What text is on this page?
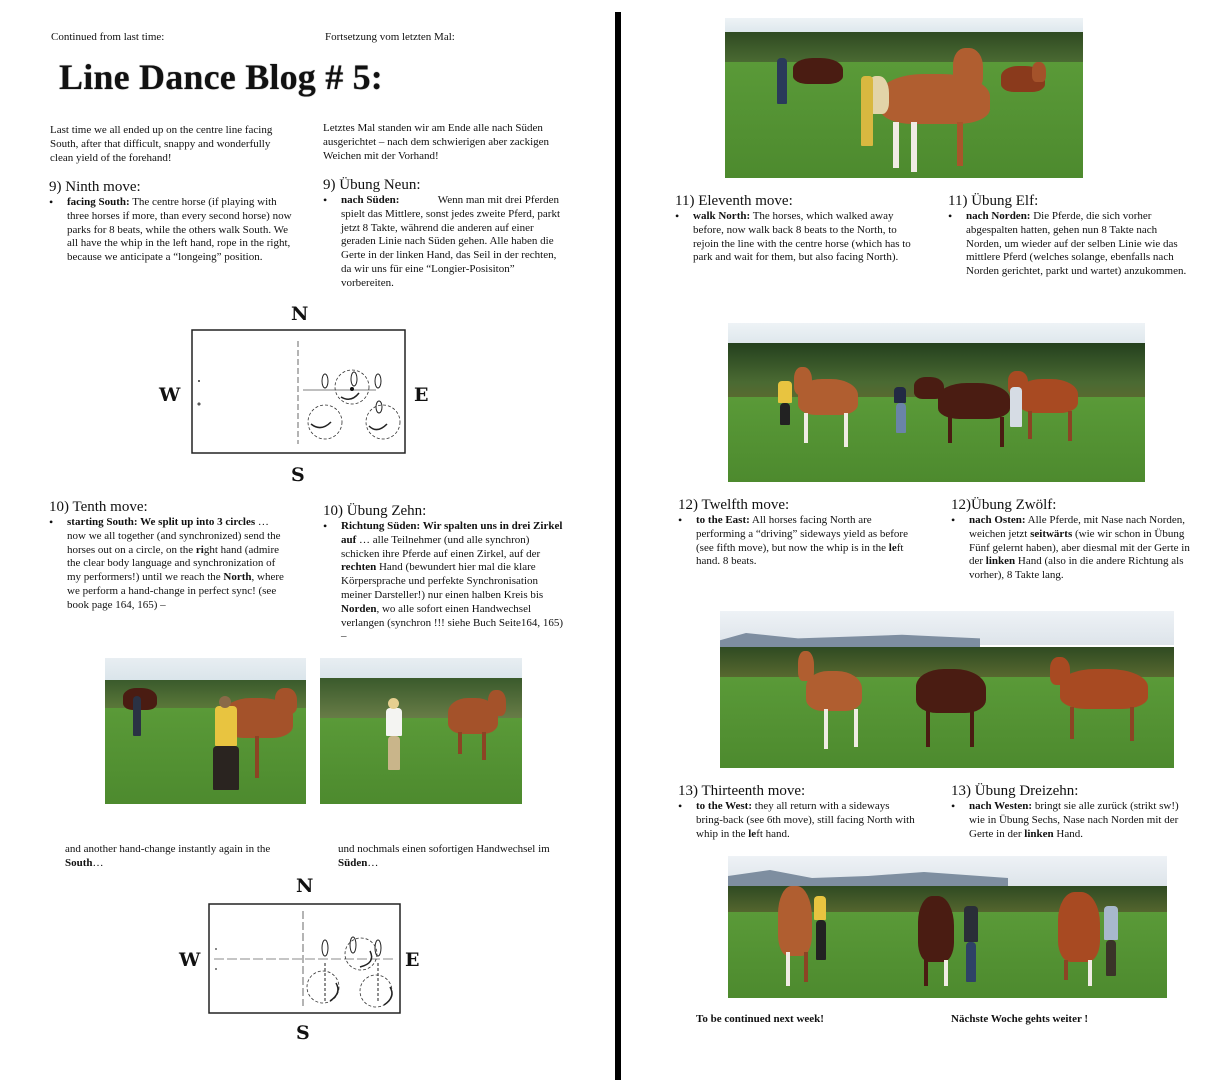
Continued from last time:	Fortsetzung vom letzten Mal:
Line Dance Blog # 5:
Last time we all ended up on the centre line facing South, after that difficult, snappy and wonderfully clean yield of the forehand!
Letztes Mal standen wir am Ende alle nach Süden ausgerichtet – nach dem schwierigen aber zackigen Weichen mit der Vorhand!
9) Ninth move:
• facing South: The centre horse (if playing with three horses if more, than every second horse) now parks for 8 beats, while the others walk South. We all have the whip in the left hand, rope in the right, because we anticipate a “longeing” position.
9) Übung Neun:
• nach Süden:              Wenn man mit drei Pferden spielt das Mittlere, sonst jedes zweite Pferd, parkt jetzt 8 Takte, während die anderen auf einer geraden Linie nach Süden gehen. Alle haben die Gerte in der linken Hand, das Seil in der rechten, da wir uns für eine “Longier-Posisiton” vorbereiten.
N
W	E
S
10) Tenth move:
• starting South: We split up into 3 circles … now we all together (and synchronized) send the horses out on a circle, on the right hand (admire the clear body language and synchronization of my performers!) until we reach the North, where we perform a hand-change in perfect sync! (see book page 164, 165) –
10) Übung Zehn:
• Richtung Süden: Wir spalten uns in drei Zirkel auf … alle Teilnehmer (und alle synchron) schicken ihre Pferde auf einen Zirkel, auf der rechten Hand (bewundert hier mal die klare Körpersprache und perfekte Synchronisation meiner Darsteller!) nur einen halben Kreis bis Norden, wo alle sofort einen Handwechsel verlangen (synchron !!! siehe Buch Seite164, 165) –
and another hand-change instantly again in the South…
und nochmals einen sofortigen Handwechsel im Süden…
N
W	E
S
11) Eleventh move:
• walk North: The horses, which walked away before, now walk back 8 beats to the North, to rejoin the line with the centre horse (which has to park and wait for them, but also facing North).
11) Übung Elf:
• nach Norden: Die Pferde, die sich vorher abgespalten hatten, gehen nun 8 Takte nach Norden, um wieder auf der selben Linie wie das mittlere Pferd (welches solange, ebenfalls nach Norden gerichtet, parkt und wartet) anzukommen.
12) Twelfth move:
• to the East: All horses facing North are performing a “driving” sideways yield as before (see fifth move), but now the whip is in the left hand. 8 beats.
12)Übung Zwölf:
• nach Osten: Alle Pferde, mit Nase nach Norden, weichen jetzt seitwärts (wie wir schon in Übung Fünf gelernt haben), aber diesmal mit der Gerte in der linken Hand (also in die andere Richtung als vorher), 8 Takte lang.
13) Thirteenth move:
• to the West: they all return with a sideways bring-back (see 6th move), still facing North with whip in the left hand.
13) Übung Dreizehn:
• nach Westen: bringt sie alle zurück (strikt sw!) wie in Übung Sechs, Nase nach Norden mit der Gerte in der linken Hand.
To be continued next week!	Nächste Woche gehts weiter !
